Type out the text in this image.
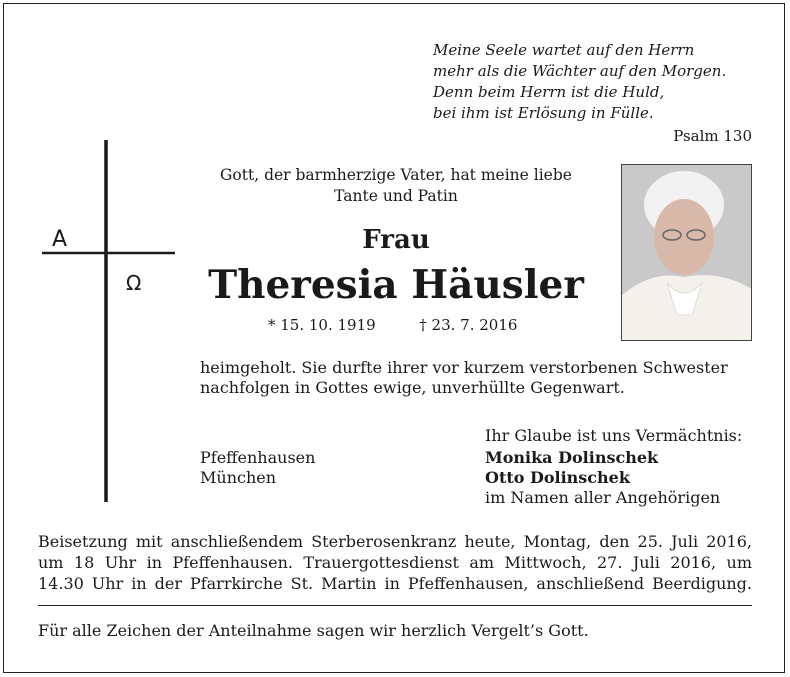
Meine Seele wartet auf den Herrn
mehr als die Wächter auf den Morgen.
Denn beim Herrn ist die Huld,
bei ihm ist Erlösung in Fülle.
Psalm 130
A
Ω
Gott, der barmherzige Vater, hat meine liebe
Tante und Patin
Frau
Theresia Häusler
* 15. 10. 1919	† 23. 7. 2016
heimgeholt. Sie durfte ihrer vor kurzem verstorbenen Schwester
nachfolgen in Gottes ewige, unverhüllte Gegenwart.
Ihr Glaube ist uns Vermächtnis:
Pfeffenhausen
München
Monika Dolinschek
Otto Dolinschek
im Namen aller Angehörigen
Beisetzung mit anschließendem Sterberosenkranz heute, Montag, den 25. Juli 2016,
um 18 Uhr in Pfeffenhausen. Trauergottesdienst am Mittwoch, 27. Juli 2016, um
14.30 Uhr in der Pfarrkirche St. Martin in Pfeffenhausen, anschließend Beerdigung.
Für alle Zeichen der Anteilnahme sagen wir herzlich Vergelt’s Gott.
